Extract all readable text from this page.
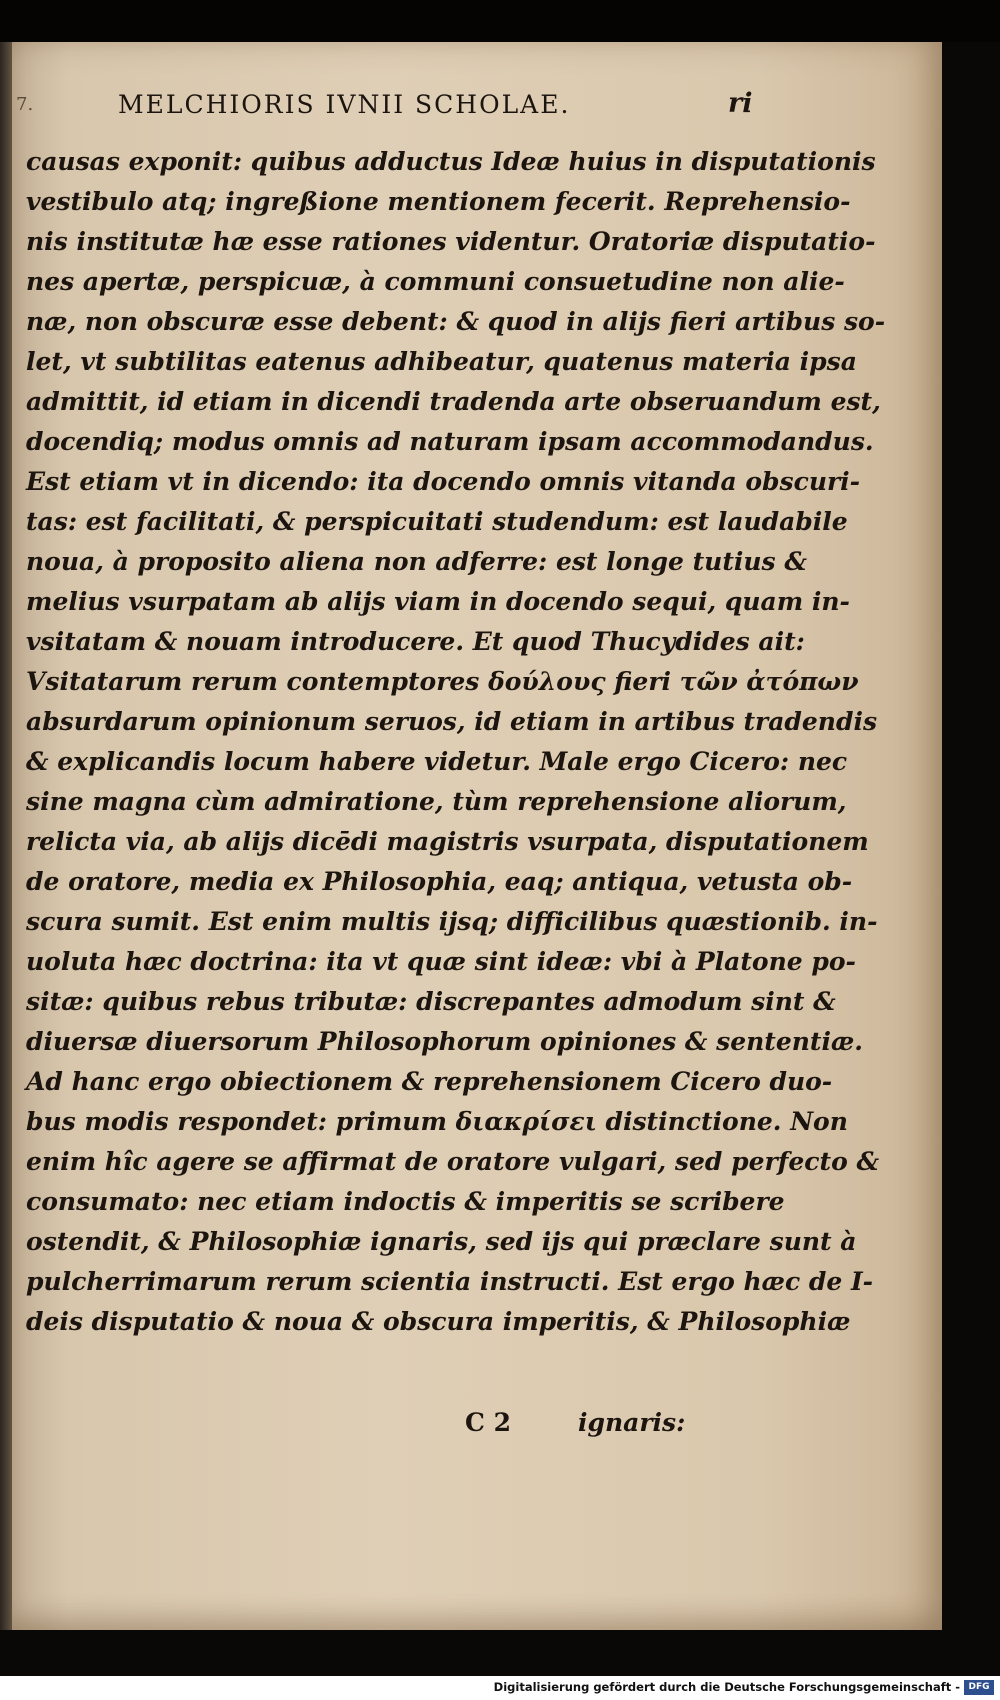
7.	MELCHIORIS IVNII SCHOLAE.	ri
causas exponit: quibus adductus Ideæ huius in disputationis
vestibulo atq; ingreßione mentionem fecerit. Reprehensio-
nis institutæ hæ esse rationes videntur. Oratoriæ disputatio-
nes apertæ, perspicuæ, à communi consuetudine non alie-
næ, non obscuræ esse debent: & quod in alijs fieri artibus so-
let, vt subtilitas eatenus adhibeatur, quatenus materia ipsa
admittit, id etiam in dicendi tradenda arte obseruandum est,
docendiq; modus omnis ad naturam ipsam accommodandus.
Est etiam vt in dicendo: ita docendo omnis vitanda obscuri-
tas: est facilitati, & perspicuitati studendum: est laudabile
noua, à proposito aliena non adferre: est longe tutius &
melius vsurpatam ab alijs viam in docendo sequi, quam in-
vsitatam & nouam introducere. Et quod Thucydides ait:
Vsitatarum rerum contemptores δούλους fieri τῶν ἀτόπων
absurdarum opinionum seruos, id etiam in artibus tradendis
& explicandis locum habere videtur. Male ergo Cicero: nec
sine magna cùm admiratione, tùm reprehensione aliorum,
relicta via, ab alijs dicēdi magistris vsurpata, disputationem
de oratore, media ex Philosophia, eaq; antiqua, vetusta ob-
scura sumit. Est enim multis ijsq; difficilibus quæstionib. in-
uoluta hæc doctrina: ita vt quæ sint ideæ: vbi à Platone po-
sitæ: quibus rebus tributæ: discrepantes admodum sint &
diuersæ diuersorum Philosophorum opiniones & sententiæ.
Ad hanc ergo obiectionem & reprehensionem Cicero duo-
bus modis respondet: primum διακρίσει distinctione. Non
enim hîc agere se affirmat de oratore vulgari, sed perfecto &
consumato: nec etiam indoctis & imperitis se scribere
ostendit, & Philosophiæ ignaris, sed ijs qui præclare sunt à
pulcherrimarum rerum scientia instructi. Est ergo hæc de I-
deis disputatio & noua & obscura imperitis, & Philosophiæ
C 2	ignaris:
Digitalisierung gefördert durch die Deutsche Forschungsgemeinschaft - DFG
